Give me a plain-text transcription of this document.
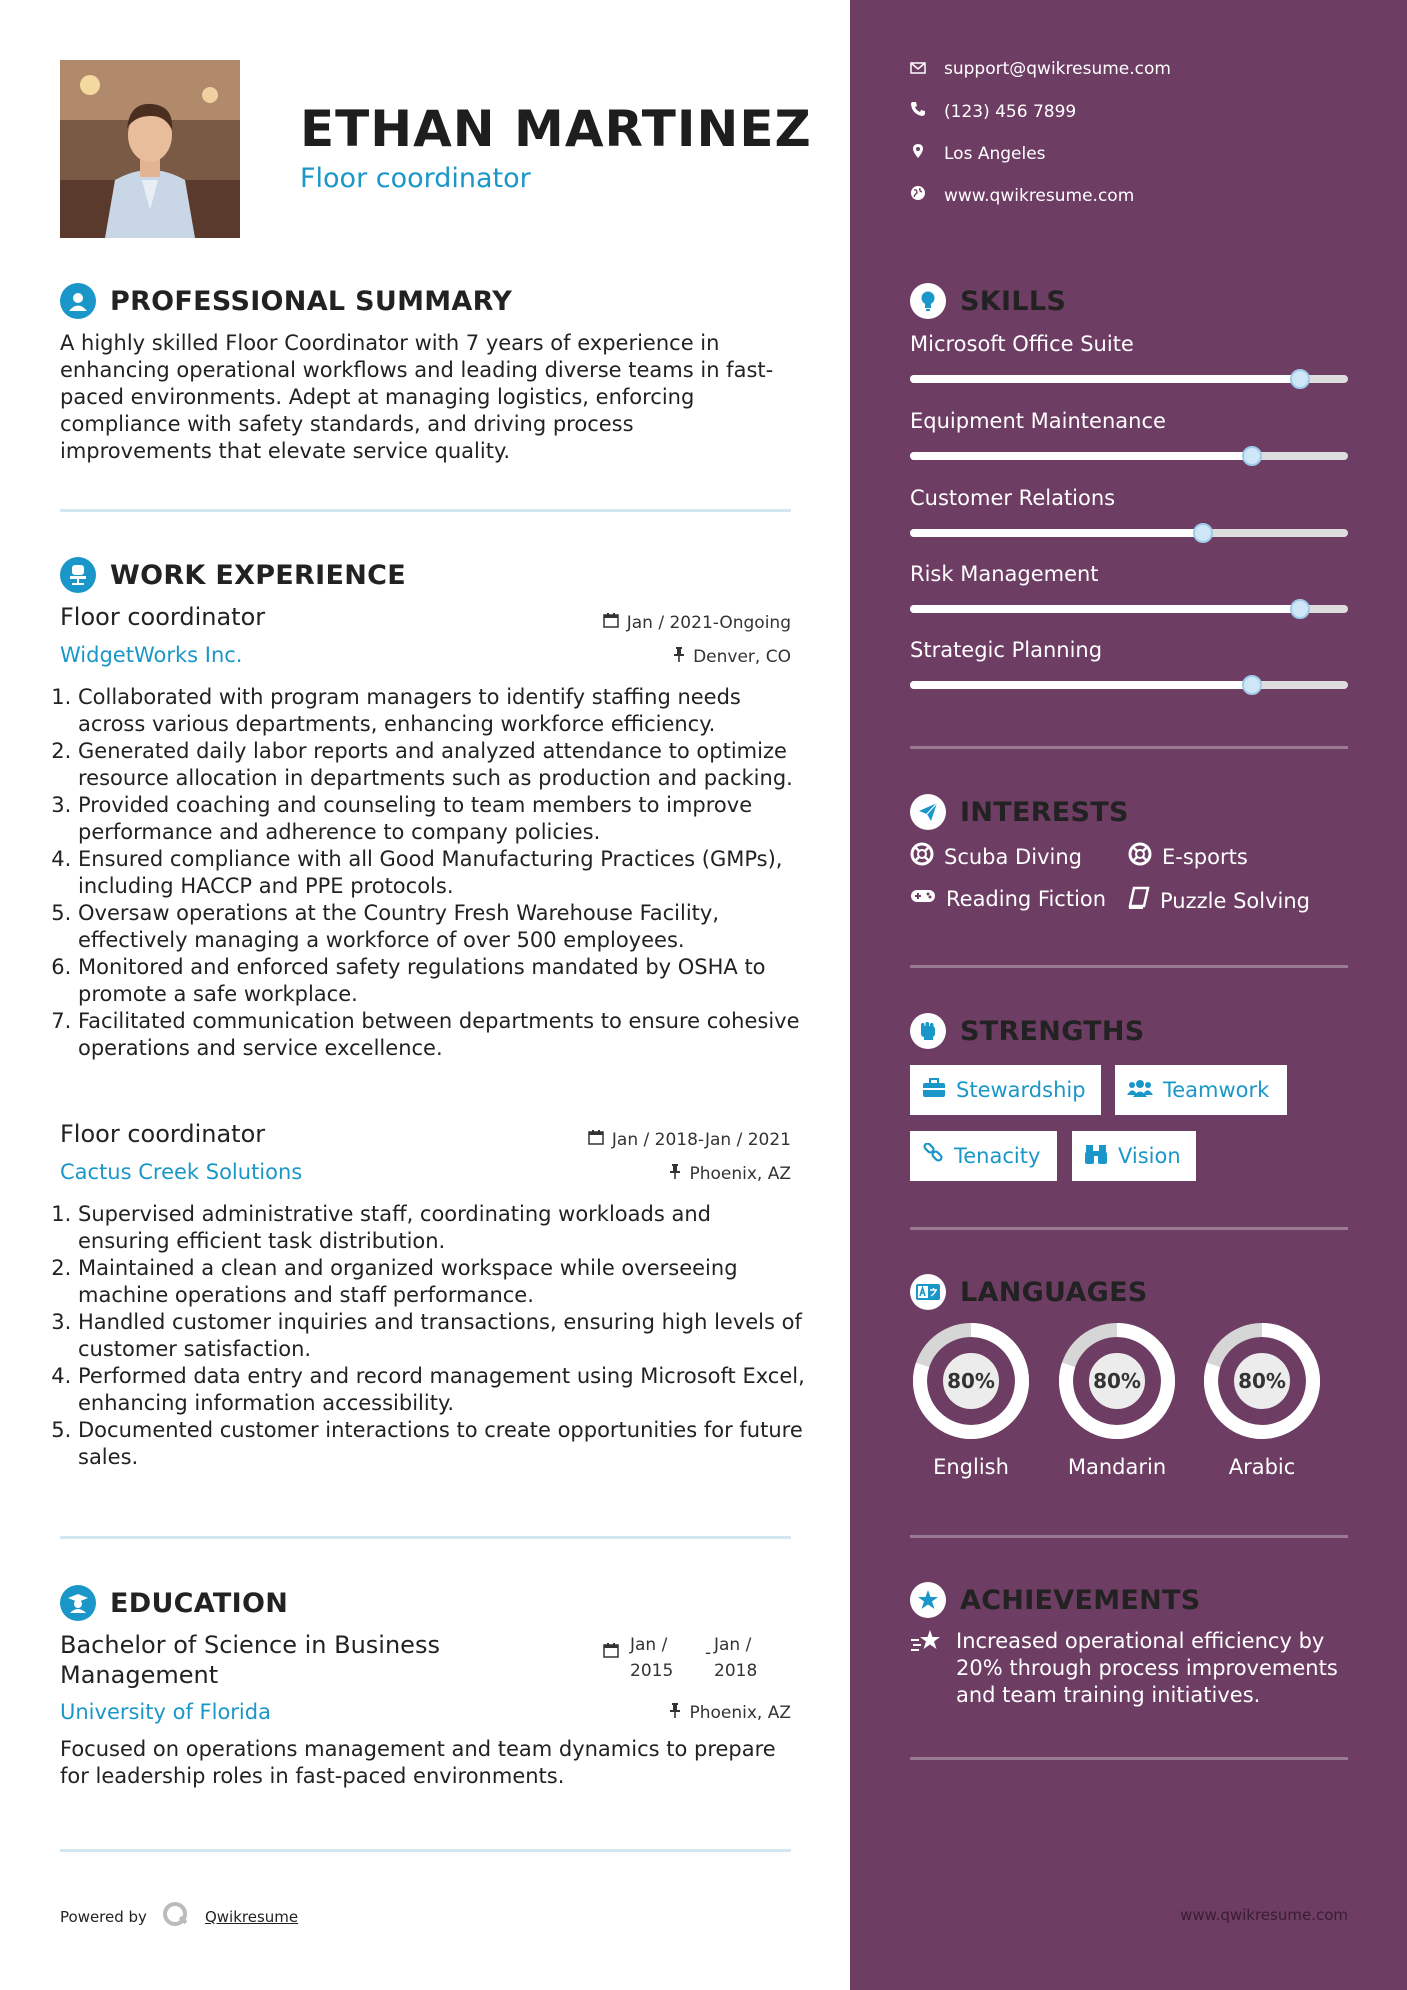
ETHAN MARTINEZ
Floor coordinator
PROFESSIONAL SUMMARY

A highly skilled Floor Coordinator with 7 years of experience in enhancing operational workflows and leading diverse teams in fast-paced environments. Adept at managing logistics, enforcing compliance with safety standards, and driving process improvements that elevate service quality.

WORK EXPERIENCE
Floor coordinator	Jan / 2021-Ongoing
WidgetWorks Inc.	Denver, CO
1. Collaborated with program managers to identify staffing needs across various departments, enhancing workforce efficiency.
2. Generated daily labor reports and analyzed attendance to optimize resource allocation in departments such as production and packing.
3. Provided coaching and counseling to team members to improve performance and adherence to company policies.
4. Ensured compliance with all Good Manufacturing Practices (GMPs), including HACCP and PPE protocols.
5. Oversaw operations at the Country Fresh Warehouse Facility, effectively managing a workforce of over 500 employees.
6. Monitored and enforced safety regulations mandated by OSHA to promote a safe workplace.
7. Facilitated communication between departments to ensure cohesive operations and service excellence.
Floor coordinator	Jan / 2018-Jan / 2021
Cactus Creek Solutions	Phoenix, AZ
1. Supervised administrative staff, coordinating workloads and ensuring efficient task distribution.
2. Maintained a clean and organized workspace while overseeing machine operations and staff performance.
3. Handled customer inquiries and transactions, ensuring high levels of customer satisfaction.
4. Performed data entry and record management using Microsoft Excel, enhancing information accessibility.
5. Documented customer interactions to create opportunities for future sales.
EDUCATION
Bachelor of Science in Business Management
Jan / 2015
- Jan / 2018
University of Florida	Phoenix, AZ

Focused on operations management and team dynamics to prepare for leadership roles in fast-paced environments.

Powered by	Qwikresume
support@qwikresume.com
(123) 456 7899
Los Angeles
www.qwikresume.com
SKILLS
Microsoft Office Suite
Equipment Maintenance
Customer Relations
Risk Management
Strategic Planning
INTERESTS
Scuba Diving	E-sports
Reading Fiction	Puzzle Solving
STRENGTHS
Stewardship	Teamwork
Tenacity	Vision
LANGUAGES
80%
English
80%
Mandarin
80%
Arabic
ACHIEVEMENTS

Increased operational efficiency by 20% through process improvements and team training initiatives.

www.qwikresume.com
